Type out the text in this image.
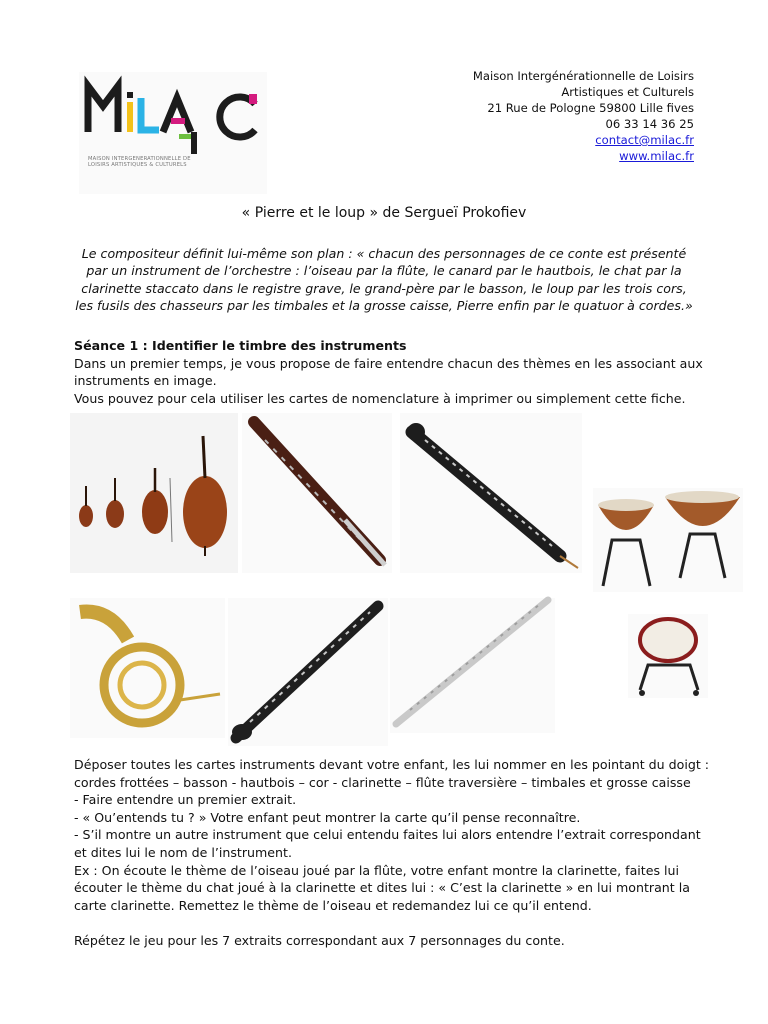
MAISON INTERGENERATIONNELLE DE LOISIRS ARTISTIQUES & CULTURELS
Maison Intergénérationnelle de Loisirs
Artistiques et Culturels
21 Rue de Pologne 59800 Lille fives
06 33 14 36 25
contact@milac.fr
www.milac.fr
« Pierre et le loup » de Sergueï Prokofiev
Le compositeur définit lui-même son plan : « chacun des personnages de ce conte est présenté par un instrument de l’orchestre : l’oiseau par la flûte, le canard par le hautbois, le chat par la clarinette staccato dans le registre grave, le grand-père par le basson, le loup par les trois cors, les fusils des chasseurs par les timbales et la grosse caisse, Pierre enfin par le quatuor à cordes.»
Séance 1 : Identifier le timbre des instruments
Dans un premier temps, je vous propose de faire entendre chacun des thèmes en les associant aux instruments en image.
Vous pouvez pour cela utiliser les cartes de nomenclature à imprimer ou simplement cette fiche.

Déposer toutes les cartes instruments devant votre enfant, les lui nommer en les pointant du doigt : cordes frottées – basson - hautbois – cor - clarinette – flûte traversière – timbales et grosse caisse

- Faire entendre un premier extrait.

- « Ou’entends tu ? » Votre enfant peut montrer la carte qu’il pense reconnaître.

- S’il montre un autre instrument que celui entendu faites lui alors entendre l’extrait correspondant et dites lui le nom de l’instrument.

Ex : On écoute le thème de l’oiseau joué par la flûte, votre enfant montre la clarinette, faites lui écouter le thème du chat joué à la clarinette et dites lui : « C’est la clarinette » en lui montrant la carte clarinette. Remettez le thème de l’oiseau et redemandez lui ce qu’il entend.

Répétez le jeu pour les 7 extraits correspondant aux 7 personnages du conte.
